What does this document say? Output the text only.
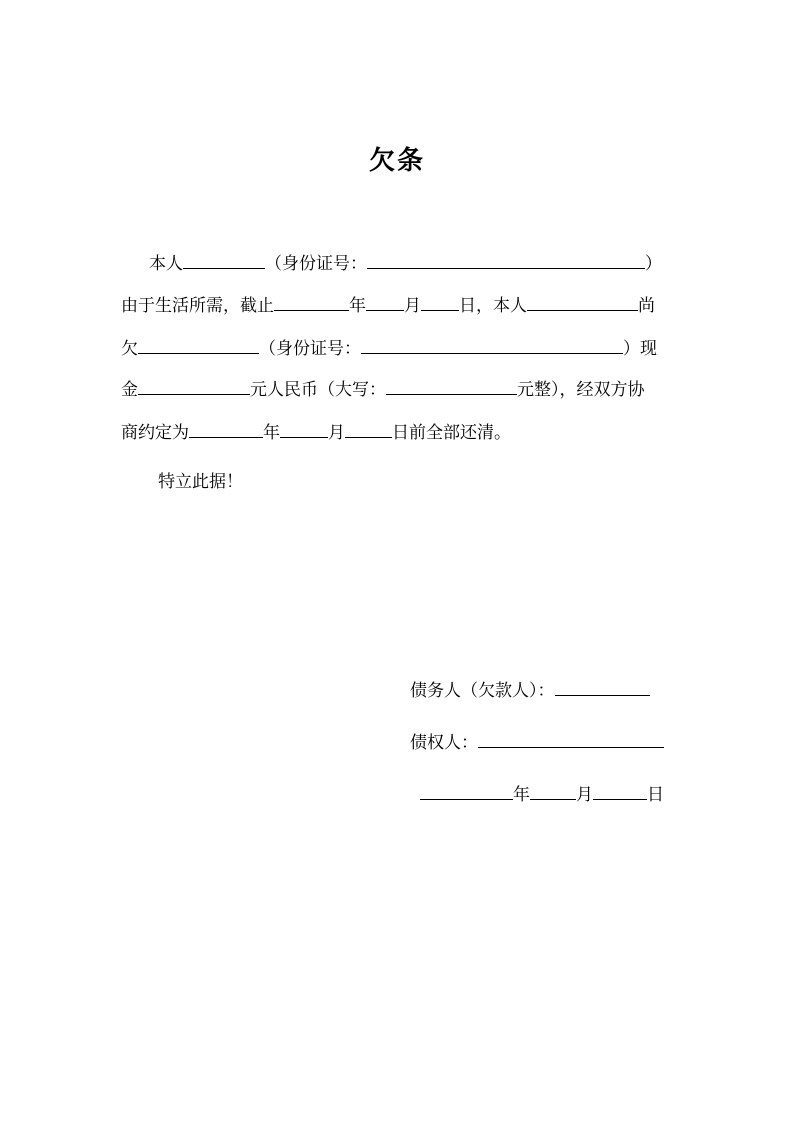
欠条
本人	（身份证号：	）
由于生活所需，截止	年 月 日，本人	尚
欠	（身份证号：	）现
金	元人民币（大写：	元整），经双方协
商约定为	年	月	日前全部还清。
特立此据！
债务人（欠款人）：
债权人：
年	月	日
